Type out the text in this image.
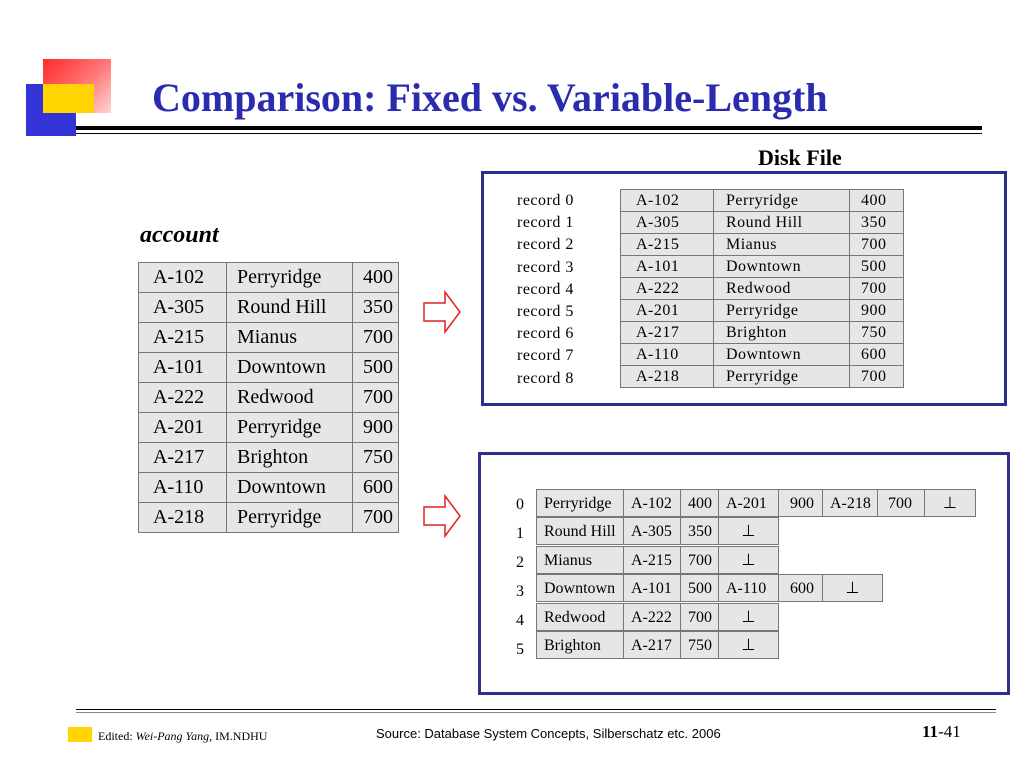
Comparison: Fixed vs. Variable-Length
Disk File
account
A-102	Perryridge	400
A-305	Round Hill	350
A-215	Mianus	700
A-101	Downtown	500
A-222	Redwood	700
A-201	Perryridge	900
A-217	Brighton	750
A-110	Downtown	600
A-218	Perryridge	700
record 0
record 1
record 2
record 3
record 4
record 5
record 6
record 7
record 8
A-102	Perryridge	400
A-305	Round Hill	350
A-215	Mianus	700
A-101	Downtown	500
A-222	Redwood	700
A-201	Perryridge	900
A-217	Brighton	750
A-110	Downtown	600
A-218	Perryridge	700
0
1
2
3
4
5
Perryridge	A-102	400 A-201	900	A-218	700	⊥
Round Hill A-305	350	⊥
Mianus	A-215	700	⊥
Downtown A-101	500 A-110	600	⊥
Redwood	A-222	700	⊥
Brighton	A-217	750	⊥
Edited: Wei-Pang Yang, IM.NDHU	Source: Database System Concepts, Silberschatz etc. 2006	11-41
